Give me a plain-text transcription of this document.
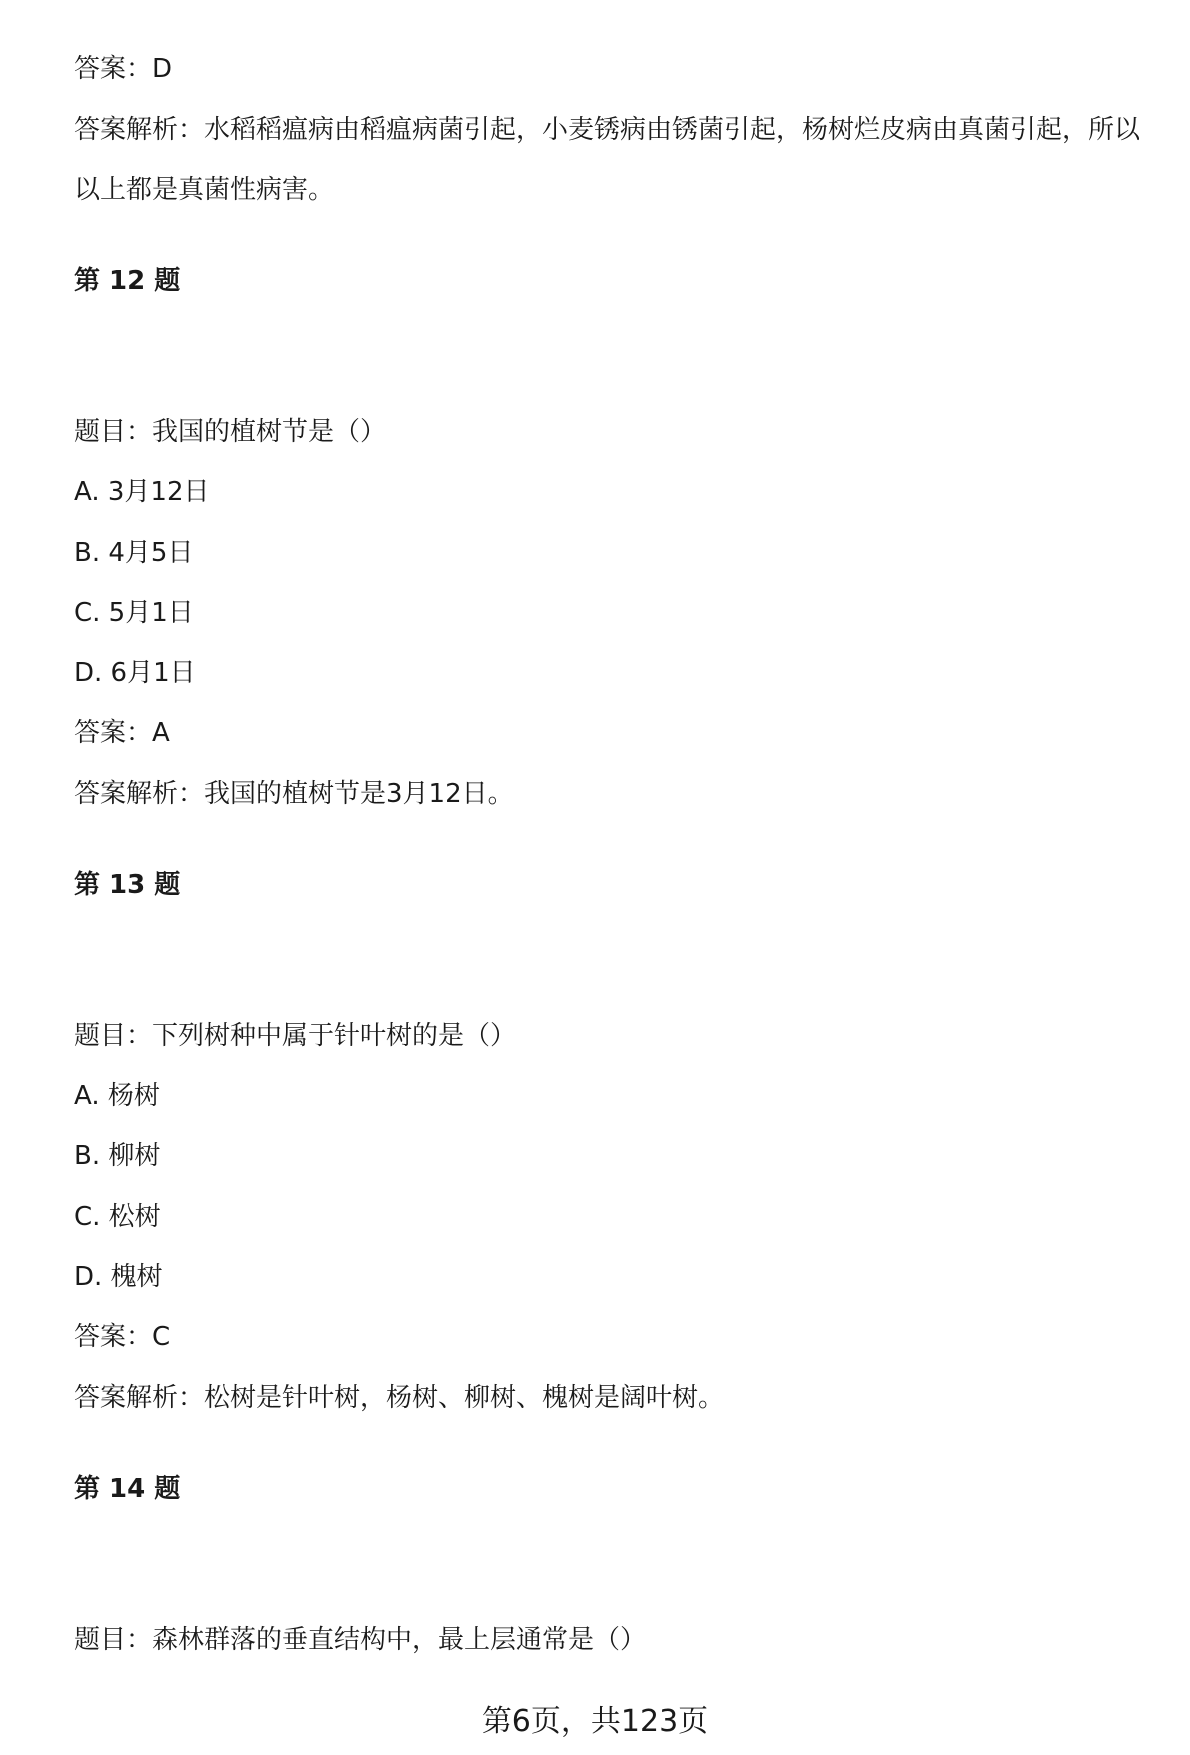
答案：D
答案解析：水稻稻瘟病由稻瘟病菌引起，小麦锈病由锈菌引起，杨树烂皮病由真菌引起，所以以上都是真菌性病害。
第 12 题
题目：我国的植树节是（）
A. 3月12日
B. 4月5日
C. 5月1日
D. 6月1日
答案：A
答案解析：我国的植树节是3月12日。
第 13 题
题目：下列树种中属于针叶树的是（）
A. 杨树
B. 柳树
C. 松树
D. 槐树
答案：C
答案解析：松树是针叶树，杨树、柳树、槐树是阔叶树。
第 14 题
题目：森林群落的垂直结构中，最上层通常是（）
第6页，共123页
